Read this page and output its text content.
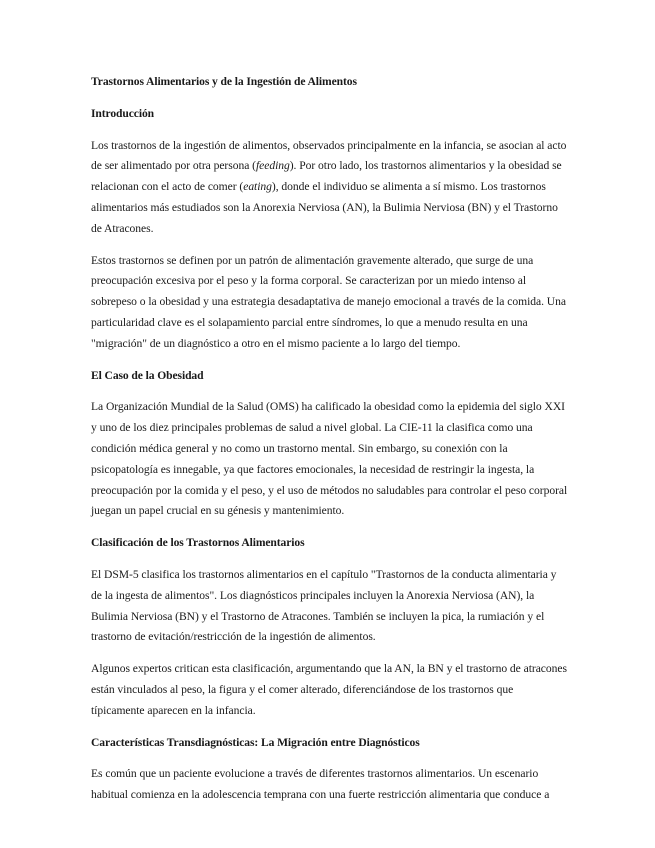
Trastornos Alimentarios y de la Ingestión de Alimentos
Introducción

Los trastornos de la ingestión de alimentos, observados principalmente en la infancia, se asocian al acto de ser alimentado por otra persona (feeding). Por otro lado, los trastornos alimentarios y la obesidad se relacionan con el acto de comer (eating), donde el individuo se alimenta a sí mismo. Los trastornos alimentarios más estudiados son la Anorexia Nerviosa (AN), la Bulimia Nerviosa (BN) y el Trastorno de Atracones.

Estos trastornos se definen por un patrón de alimentación gravemente alterado, que surge de una preocupación excesiva por el peso y la forma corporal. Se caracterizan por un miedo intenso al sobrepeso o la obesidad y una estrategia desadaptativa de manejo emocional a través de la comida. Una particularidad clave es el solapamiento parcial entre síndromes, lo que a menudo resulta en una "migración" de un diagnóstico a otro en el mismo paciente a lo largo del tiempo.

El Caso de la Obesidad

La Organización Mundial de la Salud (OMS) ha calificado la obesidad como la epidemia del siglo XXI y uno de los diez principales problemas de salud a nivel global. La CIE-11 la clasifica como una condición médica general y no como un trastorno mental. Sin embargo, su conexión con la psicopatología es innegable, ya que factores emocionales, la necesidad de restringir la ingesta, la preocupación por la comida y el peso, y el uso de métodos no saludables para controlar el peso corporal juegan un papel crucial en su génesis y mantenimiento.

Clasificación de los Trastornos Alimentarios

El DSM-5 clasifica los trastornos alimentarios en el capítulo "Trastornos de la conducta alimentaria y de la ingesta de alimentos". Los diagnósticos principales incluyen la Anorexia Nerviosa (AN), la Bulimia Nerviosa (BN) y el Trastorno de Atracones. También se incluyen la pica, la rumiación y el trastorno de evitación/restricción de la ingestión de alimentos.

Algunos expertos critican esta clasificación, argumentando que la AN, la BN y el trastorno de atracones están vinculados al peso, la figura y el comer alterado, diferenciándose de los trastornos que típicamente aparecen en la infancia.

Características Transdiagnósticas: La Migración entre Diagnósticos

Es común que un paciente evolucione a través de diferentes trastornos alimentarios. Un escenario habitual comienza en la adolescencia temprana con una fuerte restricción alimentaria que conduce a
